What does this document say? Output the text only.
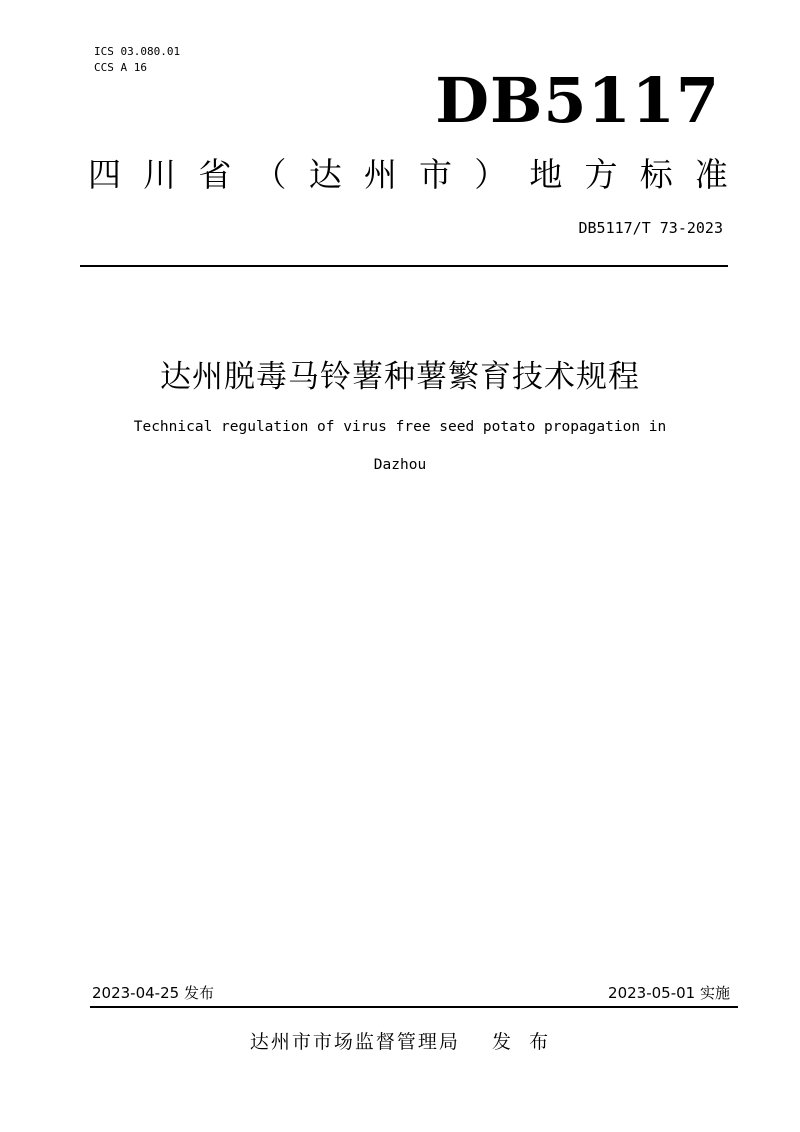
ICS 03.080.01
CCS A 16	DB5117
四 川 省 （ 达 州 市 ） 地 方 标 准
DB5117/T 73-2023
达州脱毒马铃薯种薯繁育技术规程
Technical regulation of virus free seed potato propagation in
Dazhou
2023-04-25 发布	2023-05-01 实施
达州市市场监督管理局    发  布
